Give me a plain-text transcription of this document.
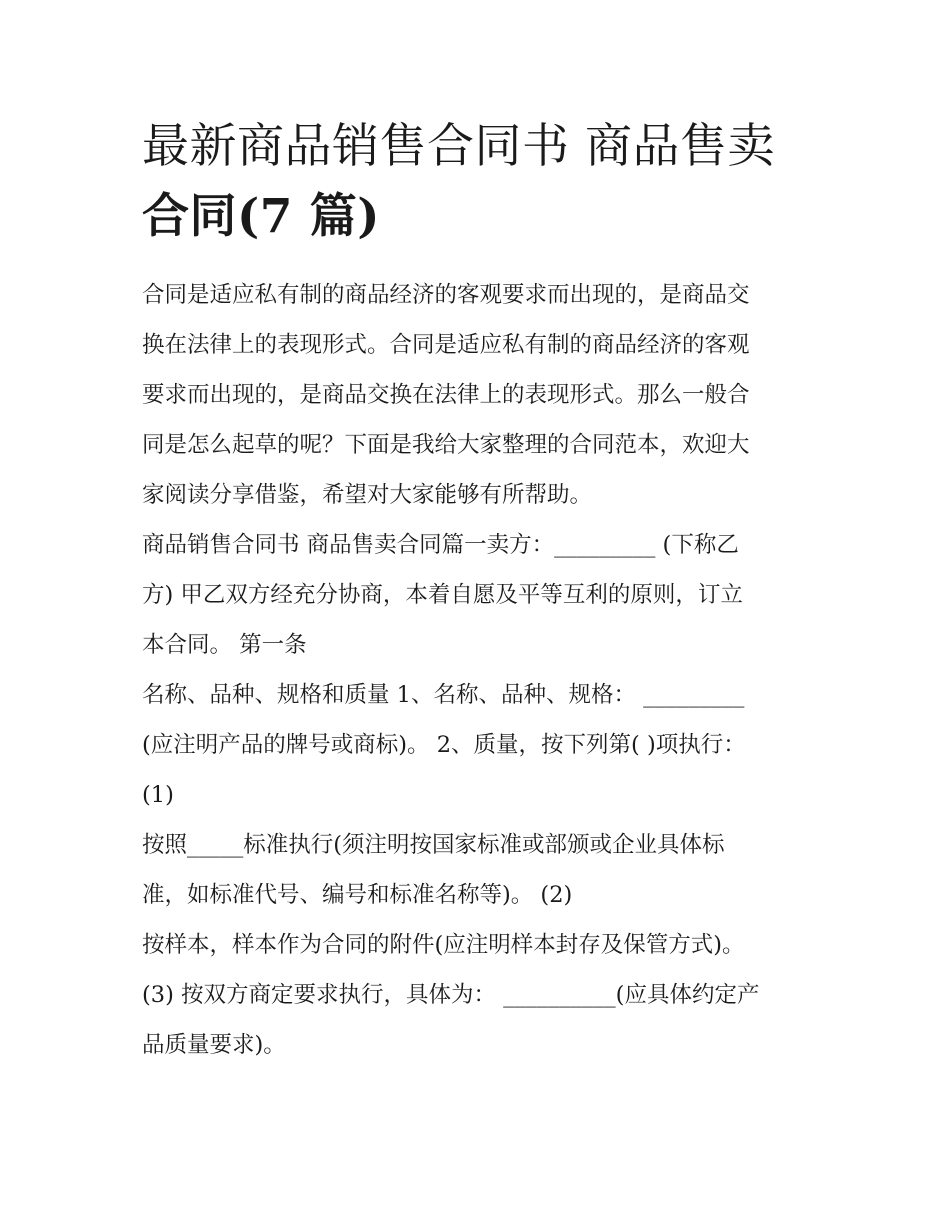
最新商品销售合同书 商品售卖
合同(7 篇)

合同是适应私有制的商品经济的客观要求而出现的，是商品交
换在法律上的表现形式。合同是适应私有制的商品经济的客观
要求而出现的，是商品交换在法律上的表现形式。那么一般合
同是怎么起草的呢？下面是我给大家整理的合同范本，欢迎大
家阅读分享借鉴，希望对大家能够有所帮助。

商品销售合同书 商品售卖合同篇一卖方：_________ (下称乙
方) 甲乙双方经充分协商，本着自愿及平等互利的原则，订立
本合同。 第一条

名称、品种、规格和质量 1、名称、品种、规格： _________
(应注明产品的牌号或商标)。 2、质量，按下列第( )项执行：
(1)

按照_____标准执行(须注明按国家标准或部颁或企业具体标
准，如标准代号、编号和标准名称等)。 (2)

按样本，样本作为合同的附件(应注明样本封存及保管方式)。
(3) 按双方商定要求执行，具体为： __________(应具体约定产
品质量要求)。
